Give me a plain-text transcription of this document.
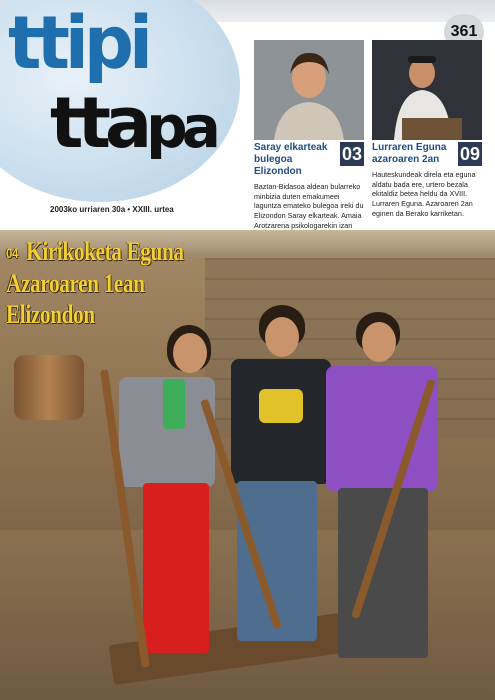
ttipi
ttapa
2003ko urriaren 30a • XXIII. urtea
361
03
Saray elkarteak bulegoa Elizondon
Baztan-Bidasoa aldean bularreko minbizia duten emakumeei laguntza emateko bulegoa ireki du Elizondon Saray elkarteak. Amaia Arotzarena psikologarekin izan
09
Lurraren Eguna azaroaren 2an
Hauteskundeak direla eta eguna aldatu bada ere, urtero bezala ekitaldiz betea heldu da XVIII. Lurraren Eguna. Azaroaren 2an eginen da Berako karriketan.
04 Kirikoketa Eguna
Azaroaren 1ean
Elizondon
